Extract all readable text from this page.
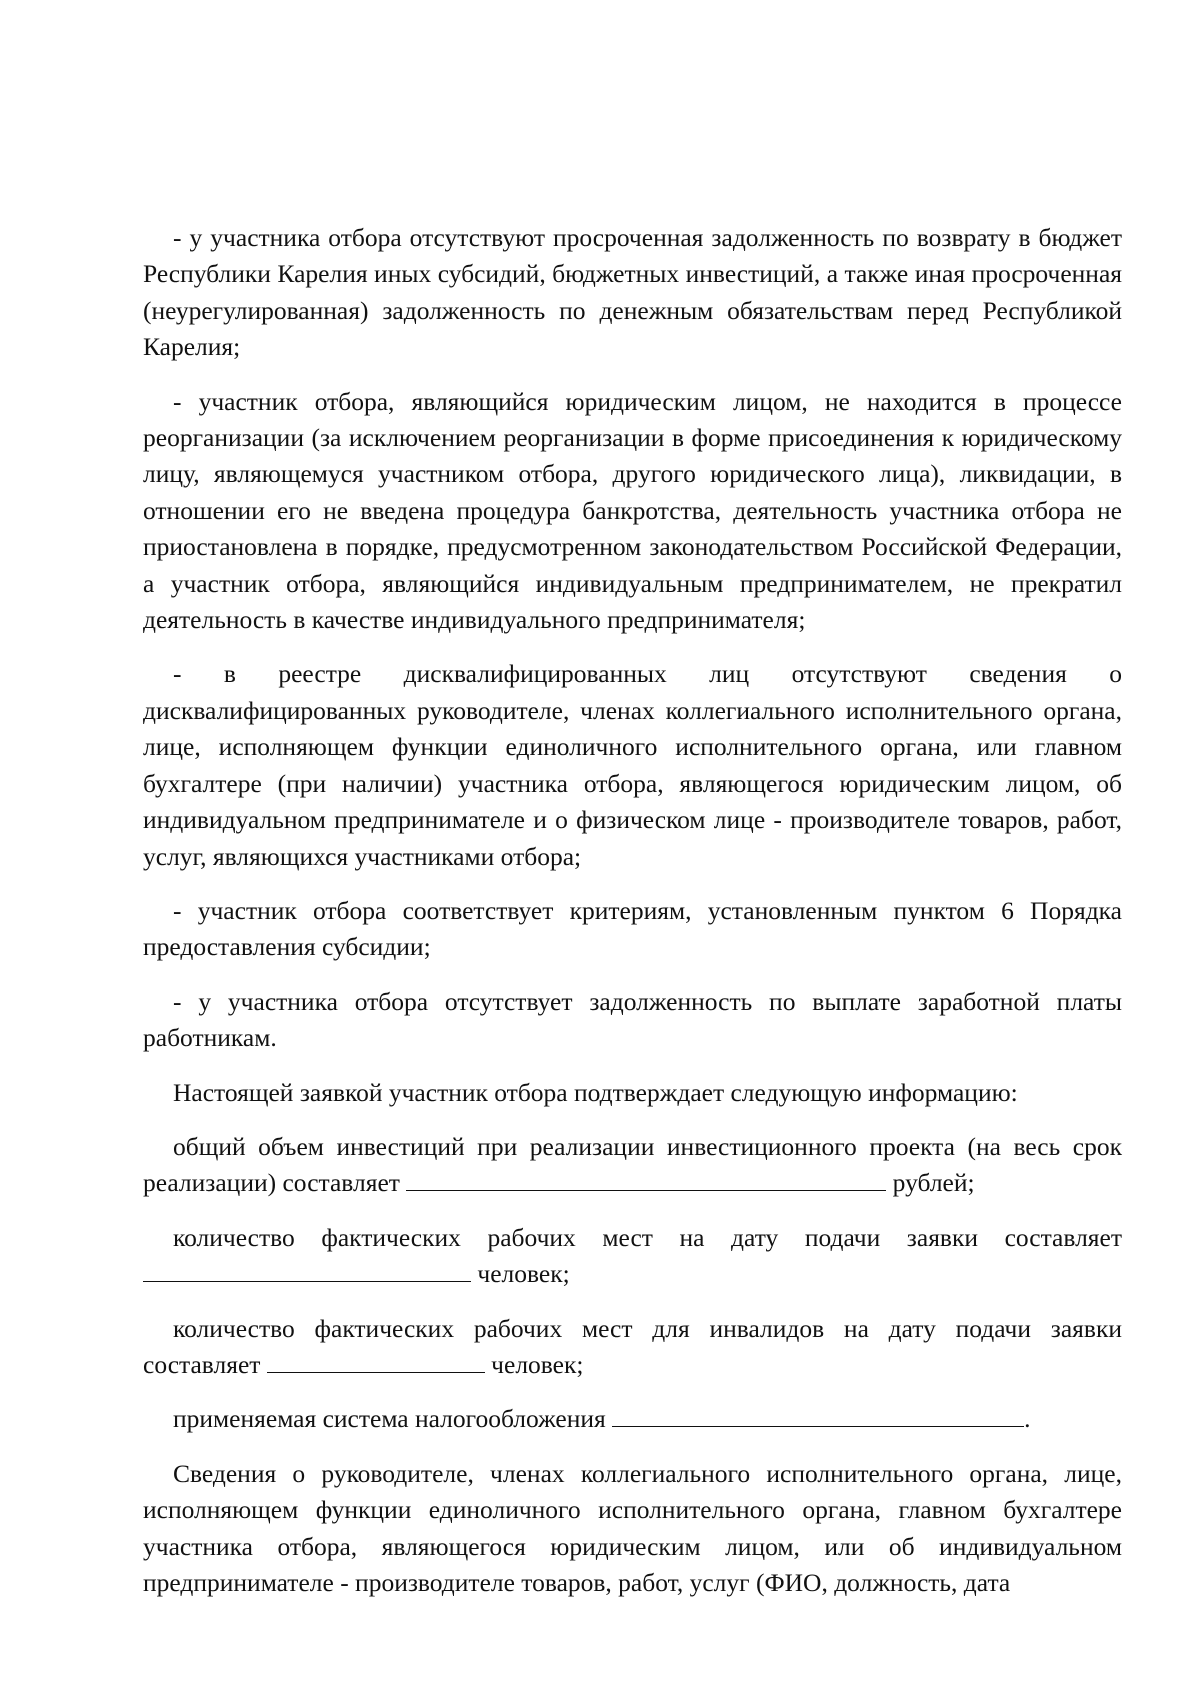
- у участника отбора отсутствуют просроченная задолженность по возврату в бюджет Республики Карелия иных субсидий, бюджетных инвестиций, а также иная просроченная (неурегулированная) задолженность по денежным обязательствам перед Республикой Карелия;

- участник отбора, являющийся юридическим лицом, не находится в процессе реорганизации (за исключением реорганизации в форме присоединения к юридическому лицу, являющемуся участником отбора, другого юридического лица), ликвидации, в отношении его не введена процедура банкротства, деятельность участника отбора не приостановлена в порядке, предусмотренном законодательством Российской Федерации, а участник отбора, являющийся индивидуальным предпринимателем, не прекратил деятельность в качестве индивидуального предпринимателя;

- в реестре дисквалифицированных лиц отсутствуют сведения о дисквалифицированных руководителе, членах коллегиального исполнительного органа, лице, исполняющем функции единоличного исполнительного органа, или главном бухгалтере (при наличии) участника отбора, являющегося юридическим лицом, об индивидуальном предпринимателе и о физическом лице - производителе товаров, работ, услуг, являющихся участниками отбора;

- участник отбора соответствует критериям, установленным пунктом 6 Порядка предоставления субсидии;

- у участника отбора отсутствует задолженность по выплате заработной платы работникам.

Настоящей заявкой участник отбора подтверждает следующую информацию:

общий объем инвестиций при реализации инвестиционного проекта (на весь срок реализации) составляет	рублей;

количество фактических рабочих мест на дату подачи заявки составляет  человек;

количество фактических рабочих мест для инвалидов на дату подачи заявки составляет	человек;

применяемая система налогообложения	.

Сведения о руководителе, членах коллегиального исполнительного органа, лице, исполняющем функции единоличного исполнительного органа, главном бухгалтере участника отбора, являющегося юридическим лицом, или об индивидуальном предпринимателе - производителе товаров, работ, услуг (ФИО, должность, дата
